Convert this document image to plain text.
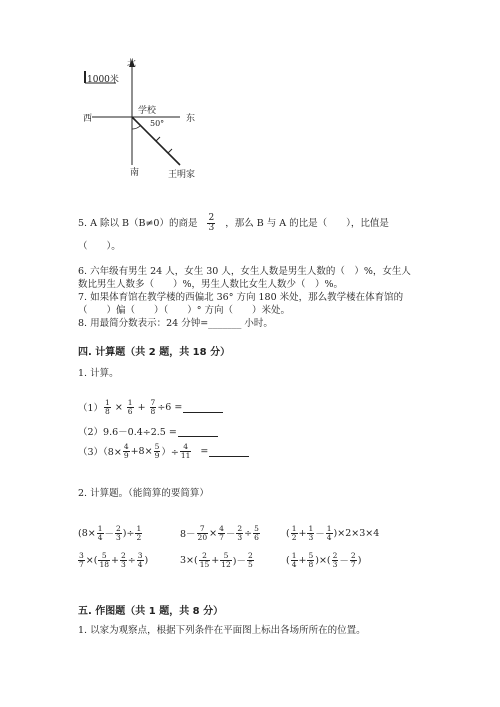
1000米
北
南
西	东
学校
50°
王明家
5. A 除以 B（B≠0）的商是 $\frac{2}{3}$ ，那么 B 与 A 的比是（　　），比值是
（　　）。
6. 六年级有男生 24 人，女生 30 人，女生人数是男生人数的（　）%，女生人
数比男生人数多（　　）%，男生人数比女生人数少（　）%。
7. 如果体育馆在教学楼的西偏北 36° 方向 180 米处，那么教学楼在体育馆的
（　　）偏（　　）（　　）° 方向（　　）米处。
8. 用最简分数表示：24 分钟=_______ 小时。
四. 计算题（共 2 题，共 18 分）
1. 计算。
$(1) \frac{1}{8} \times \frac{1}{6} + \frac{7}{8} \div 6$ =
（2）9.6－0.4÷2.5 =
$(3)(8\times \frac{4}{9} +8\times \frac{5}{9}$ ）÷ $\frac{4}{11}$ =
2. 计算题。（能简算的要简算）
($8\times \frac{1}{4} - \frac{2}{3}$ )÷ $\frac{1}{2}$	$8- \frac{7}{20} \times \frac{4}{7} - \frac{2}{3} \div \frac{5}{6}$	( $\frac{1}{2} + \frac{1}{3} - \frac{1}{4} )\times 2\times 3\times 4$
$\frac{3}{7}$ ×( $\frac{5}{18} + \frac{2}{3} \div \frac{3}{4}$ )	$3\times( \frac{2}{15} + \frac{5}{12}$ )－ $\frac{2}{5}$	( $\frac{1}{4} + \frac{5}{8}$ )×( $\frac{2}{3} - \frac{2}{7}$ )
五. 作图题（共 1 题，共 8 分）
1. 以家为观察点，根据下列条件在平面图上标出各场所所在的位置。
